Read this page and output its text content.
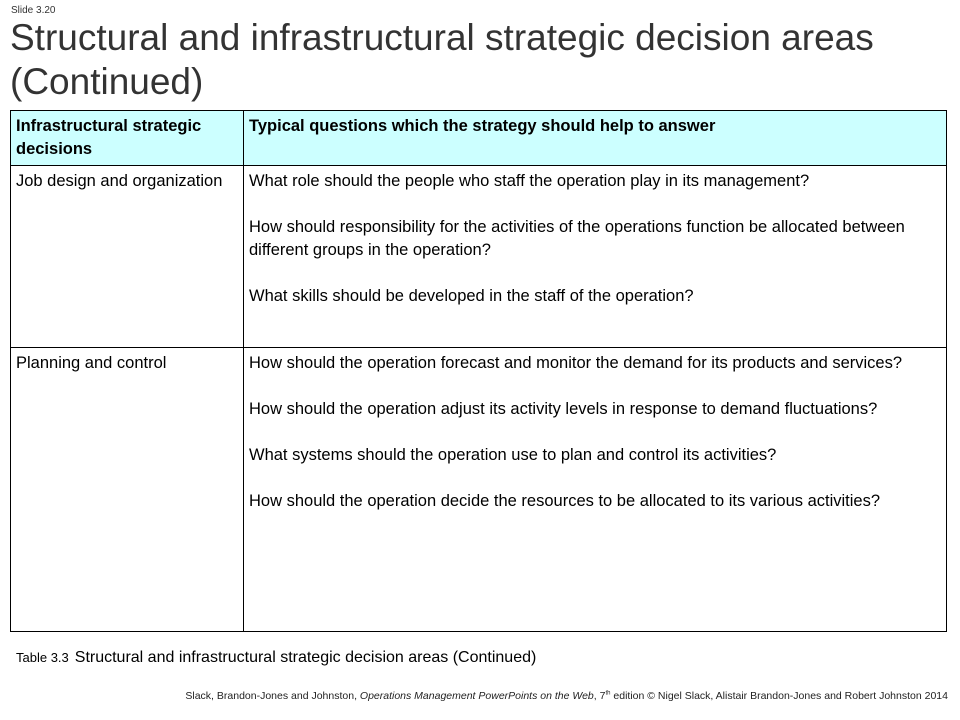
Slide 3.20
Structural and infrastructural strategic decision areas (Continued)
Infrastructural strategic decisions	Typical questions which the strategy should help to answer
Job design and organization	What role should the people who staff the operation play in its management?
How should responsibility for the activities of the operations function be allocated between different groups in the operation?
What skills should be developed in the staff of the operation?

Planning and control	How should the operation forecast and monitor the demand for its products and services?
How should the operation adjust its activity levels in response to demand fluctuations?
What systems should the operation use to plan and control its activities?
How should the operation decide the resources to be allocated to its various activities?
Table 3.3 Structural and infrastructural strategic decision areas (Continued)
Slack, Brandon-Jones and Johnston, Operations Management PowerPoints on the Web, 7th edition © Nigel Slack, Alistair Brandon-Jones and Robert Johnston 2014
